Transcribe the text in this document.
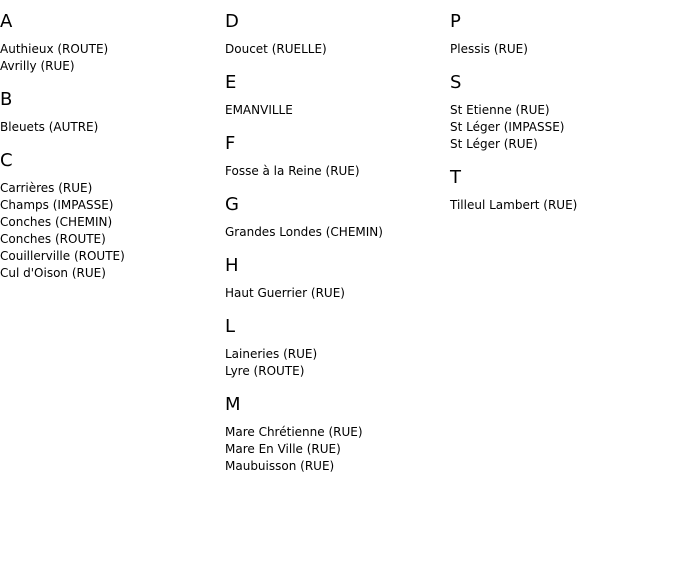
A
Authieux (ROUTE)
Avrilly (RUE)
B
Bleuets (AUTRE)
C
Carrières (RUE)
Champs (IMPASSE)
Conches (CHEMIN)
Conches (ROUTE)
Couillerville (ROUTE)
Cul d'Oison (RUE)
D
Doucet (RUELLE)
E
EMANVILLE
F
Fosse à la Reine (RUE)
G
Grandes Londes (CHEMIN)
H
Haut Guerrier (RUE)
L
Laineries (RUE)
Lyre (ROUTE)
M
Mare Chrétienne (RUE)
Mare En Ville (RUE)
Maubuisson (RUE)
P
Plessis (RUE)
S
St Etienne (RUE)
St Léger (IMPASSE)
St Léger (RUE)
T
Tilleul Lambert (RUE)
